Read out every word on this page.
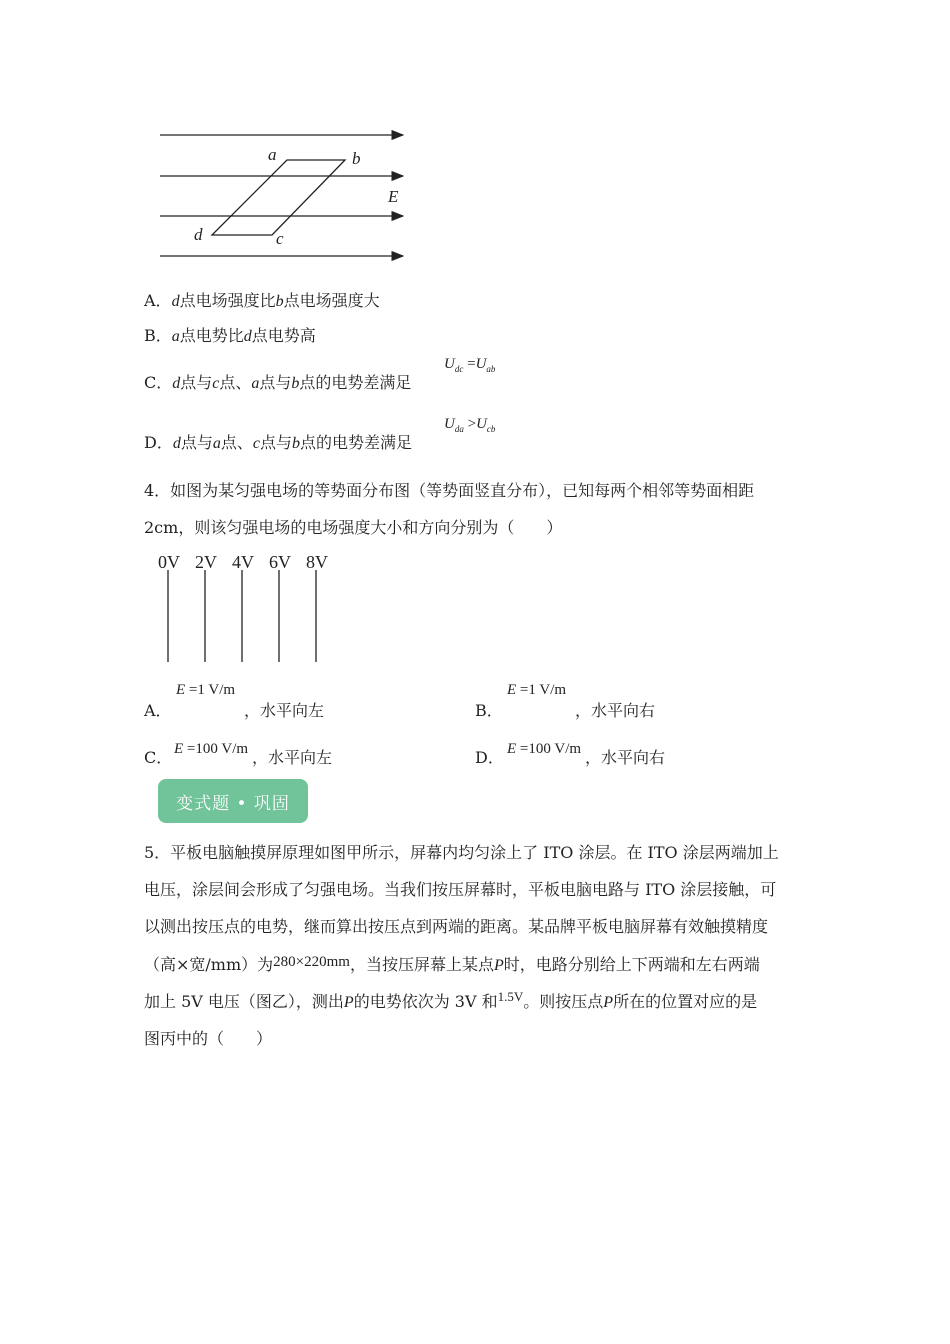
a	b
c
d
E
A．d点电场强度比b点电场强度大
B．a点电势比d点电势高
C．d点与c点、a点与b点的电势差满足
$U_{dc} =U_{ab}$
D．d点与a点、c点与b点的电势差满足
$U_{da} >U_{cb}$
4．如图为某匀强电场的等势面分布图（等势面竖直分布），已知每两个相邻等势面相距
2cm，则该匀强电场的电场强度大小和方向分别为（　　）
0V 2V 4V 6V 8V
A．
E =1 V/m
，水平向左	B．
E =1 V/m
，水平向右
C． E =100 V/m ，水平向左	D． E =100 V/m ，水平向右
变式题 • 巩固
5．平板电脑触摸屏原理如图甲所示，屏幕内均匀涂上了 ITO 涂层。在 ITO 涂层两端加上
电压，涂层间会形成了匀强电场。当我们按压屏幕时，平板电脑电路与 ITO 涂层接触，可
以测出按压点的电势，继而算出按压点到两端的距离。某品牌平板电脑屏幕有效触摸精度
（高×宽/mm）为280×220mm，当按压屏幕上某点P时，电路分别给上下两端和左右两端
加上 5V 电压（图乙），测出P的电势依次为 3V 和$^{1.5V}$。则按压点P所在的位置对应的是
图丙中的（　　）
